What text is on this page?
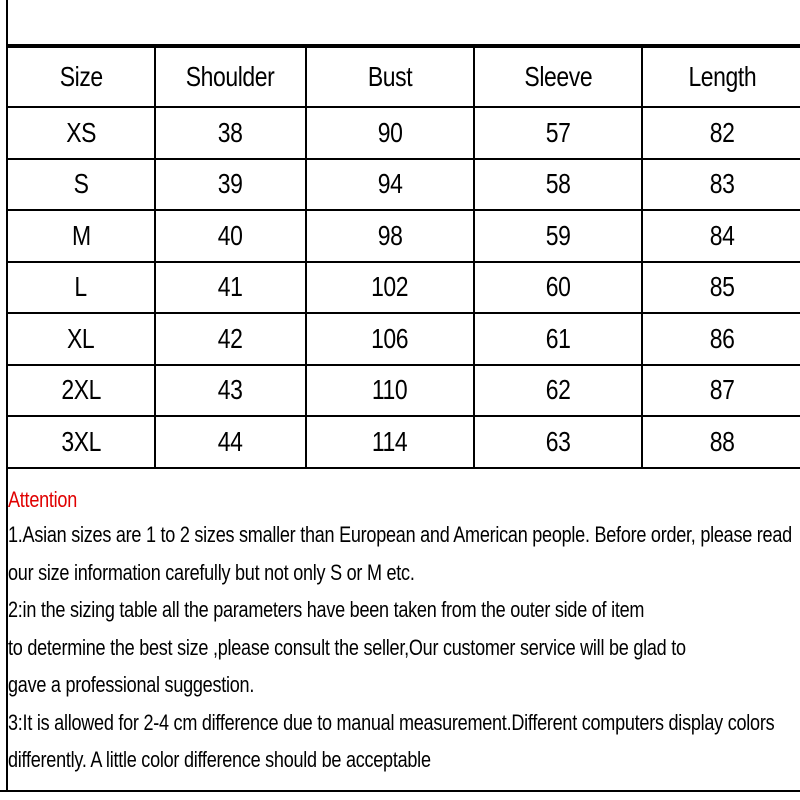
Size	Shoulder	Bust	Sleeve	Length
XS	38	90	57	82
S	39	94	58	83
M	40	98	59	84
L	41	102	60	85
XL	42	106	61	86
2XL	43	110	62	87
3XL	44	114	63	88
Attention
1.Asian sizes are 1 to 2 sizes smaller than European and American people. Before order, please read
our size information carefully but not only S or M etc.
2:in the sizing table all the parameters have been taken from the outer side of item
to determine the best size ,please consult the seller,Our customer service will be glad to
gave a professional suggestion.
3:It is allowed for 2-4 cm difference due to manual measurement.Different computers display colors
differently. A little color difference should be acceptable
